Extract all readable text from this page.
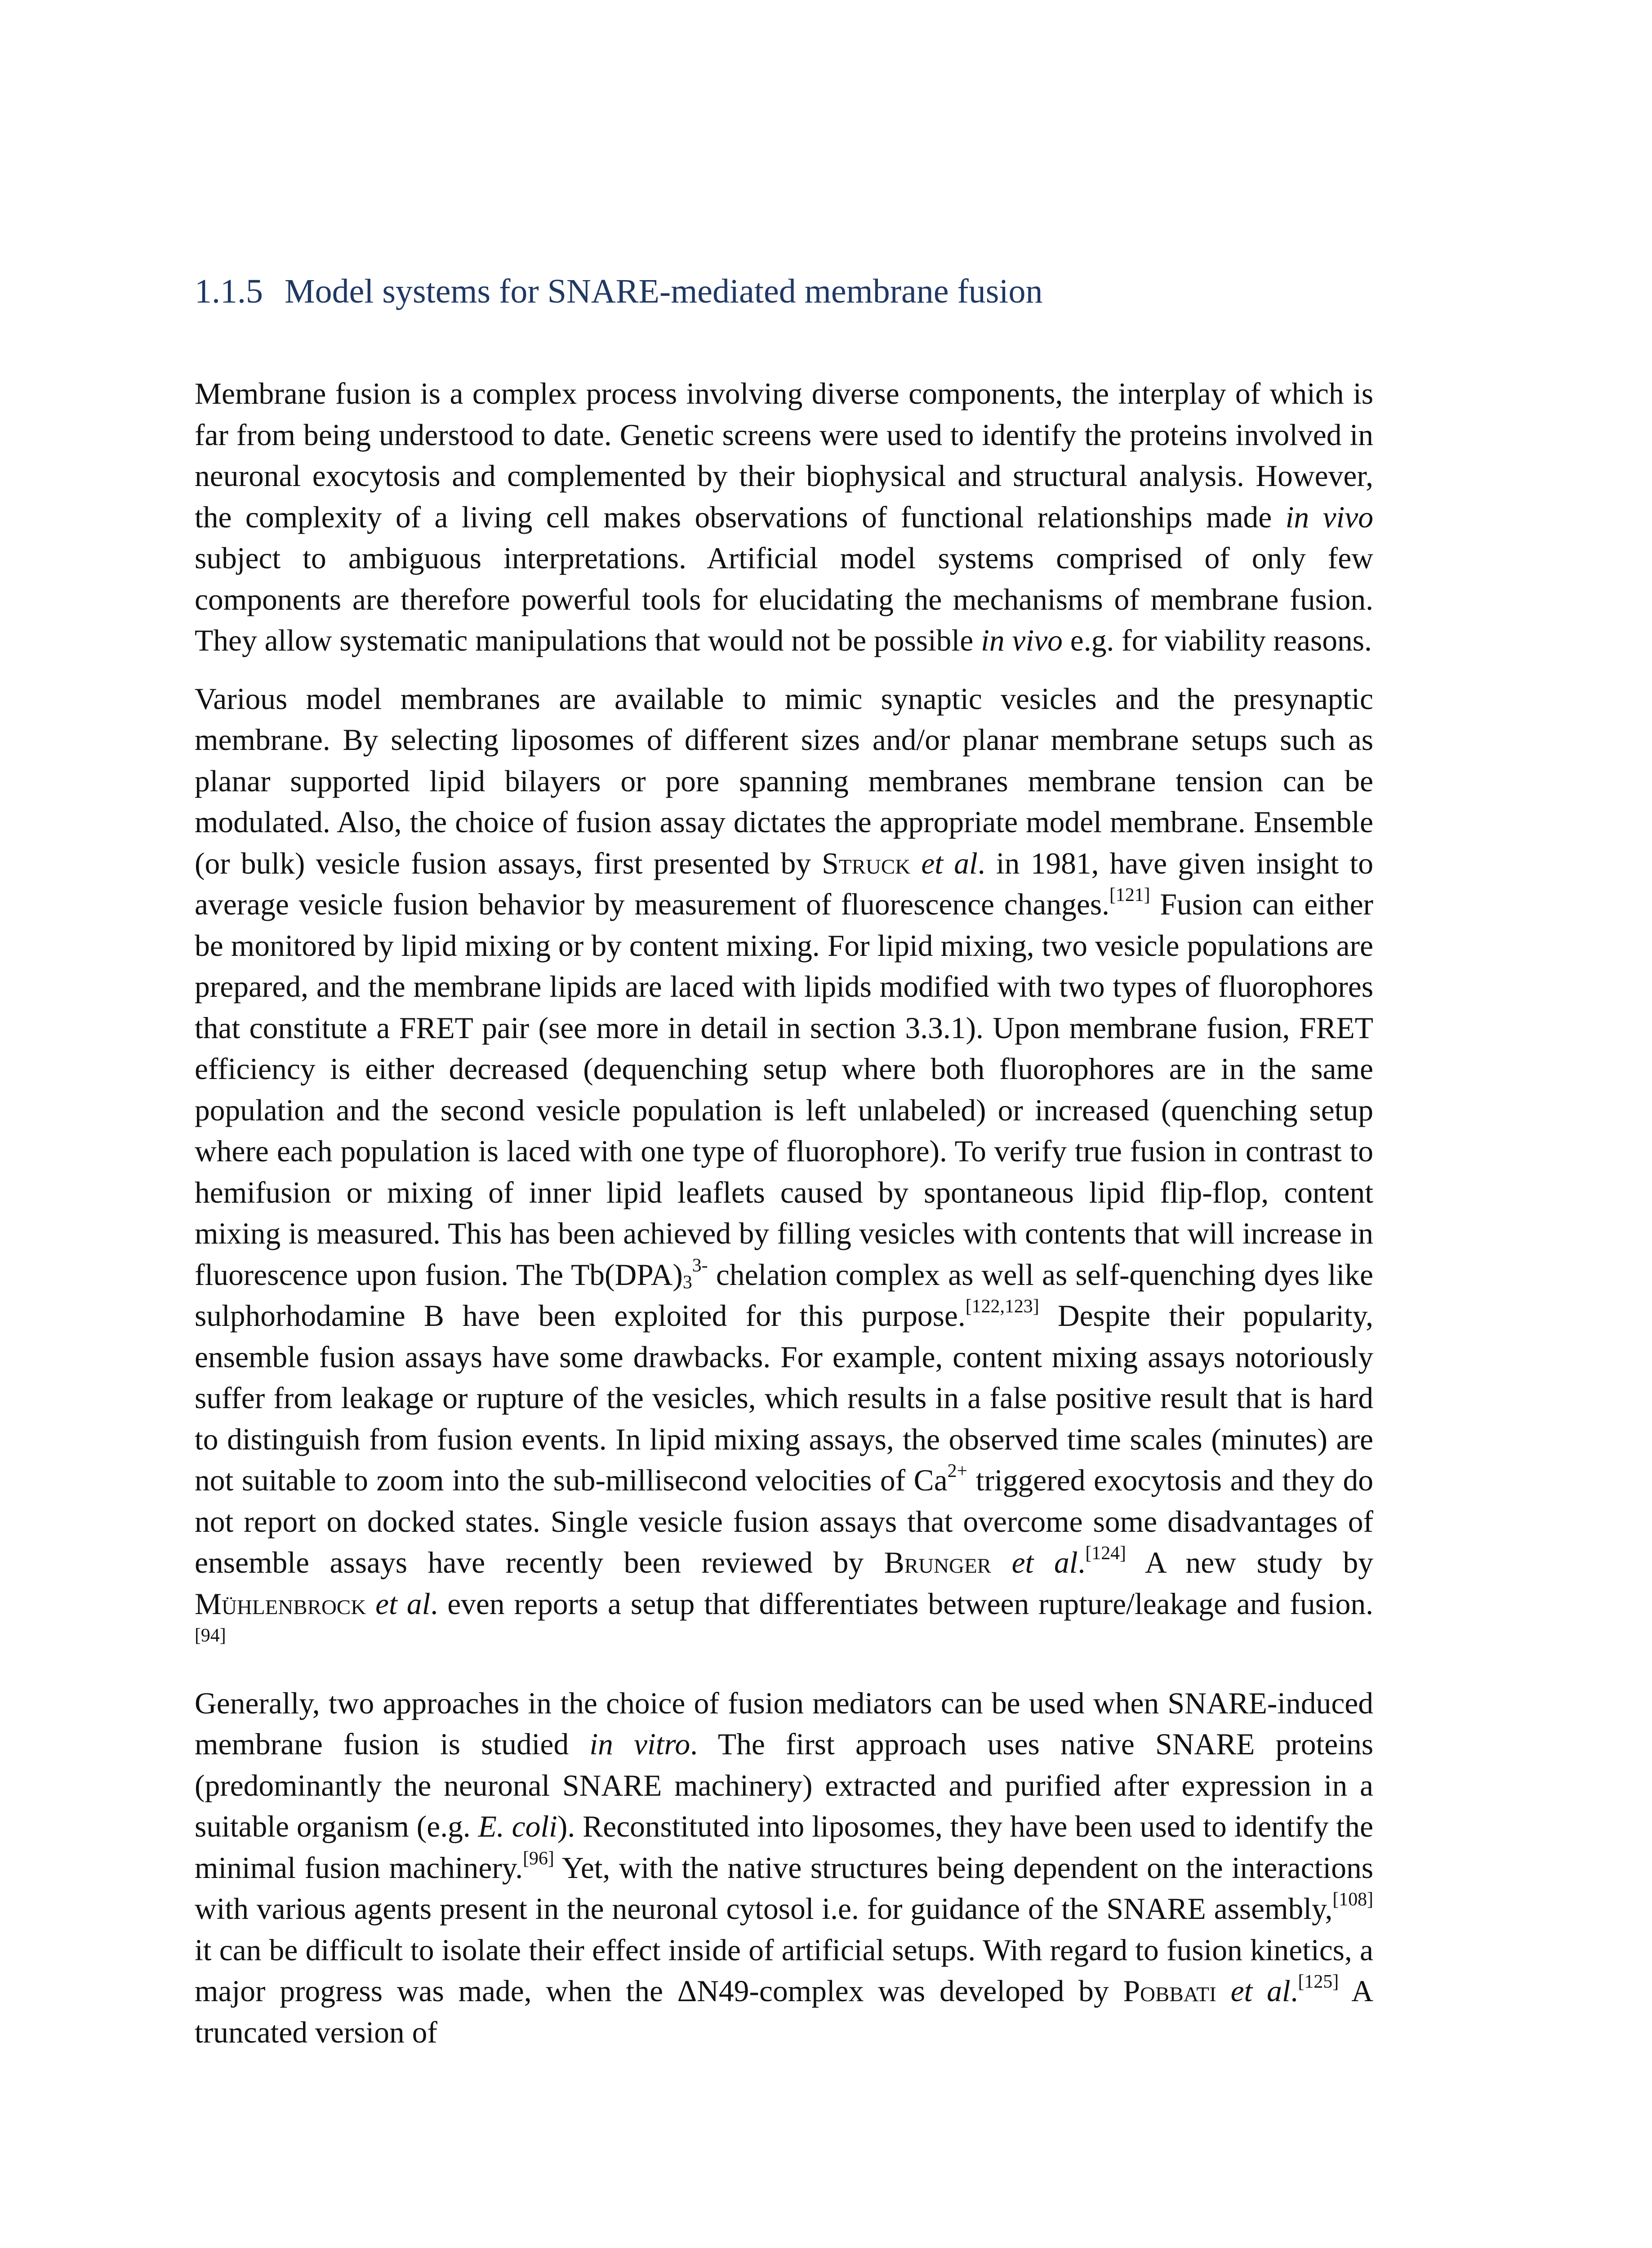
1.1.5 Model systems for SNARE-mediated membrane fusion

Membrane fusion is a complex process involving diverse components, the interplay of which is far from being understood to date. Genetic screens were used to identify the proteins involved in neuronal exocytosis and complemented by their biophysical and structural analysis. However, the complexity of a living cell makes observations of functional relationships made in vivo subject to ambiguous interpretations. Artificial model systems comprised of only few components are therefore powerful tools for elucidating the mechanisms of membrane fusion. They allow systematic manipulations that would not be possible in vivo e.g. for viability reasons.

Various model membranes are available to mimic synaptic vesicles and the presynaptic membrane. By selecting liposomes of different sizes and/or planar membrane setups such as planar supported lipid bilayers or pore spanning membranes membrane tension can be modulated. Also, the choice of fusion assay dictates the appropriate model membrane. Ensemble (or bulk) vesicle fusion assays, first presented by Struck et al. in 1981, have given insight to average vesicle fusion behavior by measurement of fluorescence changes.[121] Fusion can either be monitored by lipid mixing or by content mixing. For lipid mixing, two vesicle populations are prepared, and the membrane lipids are laced with lipids modified with two types of fluorophores that constitute a FRET pair (see more in detail in section 3.3.1). Upon membrane fusion, FRET efficiency is either decreased (dequenching setup where both fluorophores are in the same population and the second vesicle population is left unlabeled) or increased (quenching setup where each population is laced with one type of fluorophore). To verify true fusion in contrast to hemifusion or mixing of inner lipid leaflets caused by spontaneous lipid flip-flop, content mixing is measured. This has been achieved by filling vesicles with contents that will increase in fluorescence upon fusion. The $Tb(DPA)_3^{3-}$ chelation complex as well as self-quenching dyes like sulphorhodamine B have been exploited for this purpose.[122,123] Despite their popularity, ensemble fusion assays have some drawbacks. For example, content mixing assays notoriously suffer from leakage or rupture of the vesicles, which results in a false positive result that is hard to distinguish from fusion events. In lipid mixing assays, the observed time scales (minutes) are not suitable to zoom into the sub-millisecond velocities of $Ca^{2+}$ triggered exocytosis and they do not report on docked states. Single vesicle fusion assays that overcome some disadvantages of ensemble assays have recently been reviewed by Brunger et al.[124] A new study by Mühlenbrock et al. even reports a setup that differentiates between rupture/leakage and fusion.[94]

Generally, two approaches in the choice of fusion mediators can be used when SNARE-induced membrane fusion is studied in vitro. The first approach uses native SNARE proteins (predominantly the neuronal SNARE machinery) extracted and purified after expression in a suitable organism (e.g. E. coli). Reconstituted into liposomes, they have been used to identify the minimal fusion machinery.[96] Yet, with the native structures being dependent on the interactions with various agents present in the neuronal cytosol i.e. for guidance of the SNARE assembly,[108] it can be difficult to isolate their effect inside of artificial setups. With regard to fusion kinetics, a major progress was made, when the ΔN49-complex was developed by Pobbati et al.[125] A truncated version of
